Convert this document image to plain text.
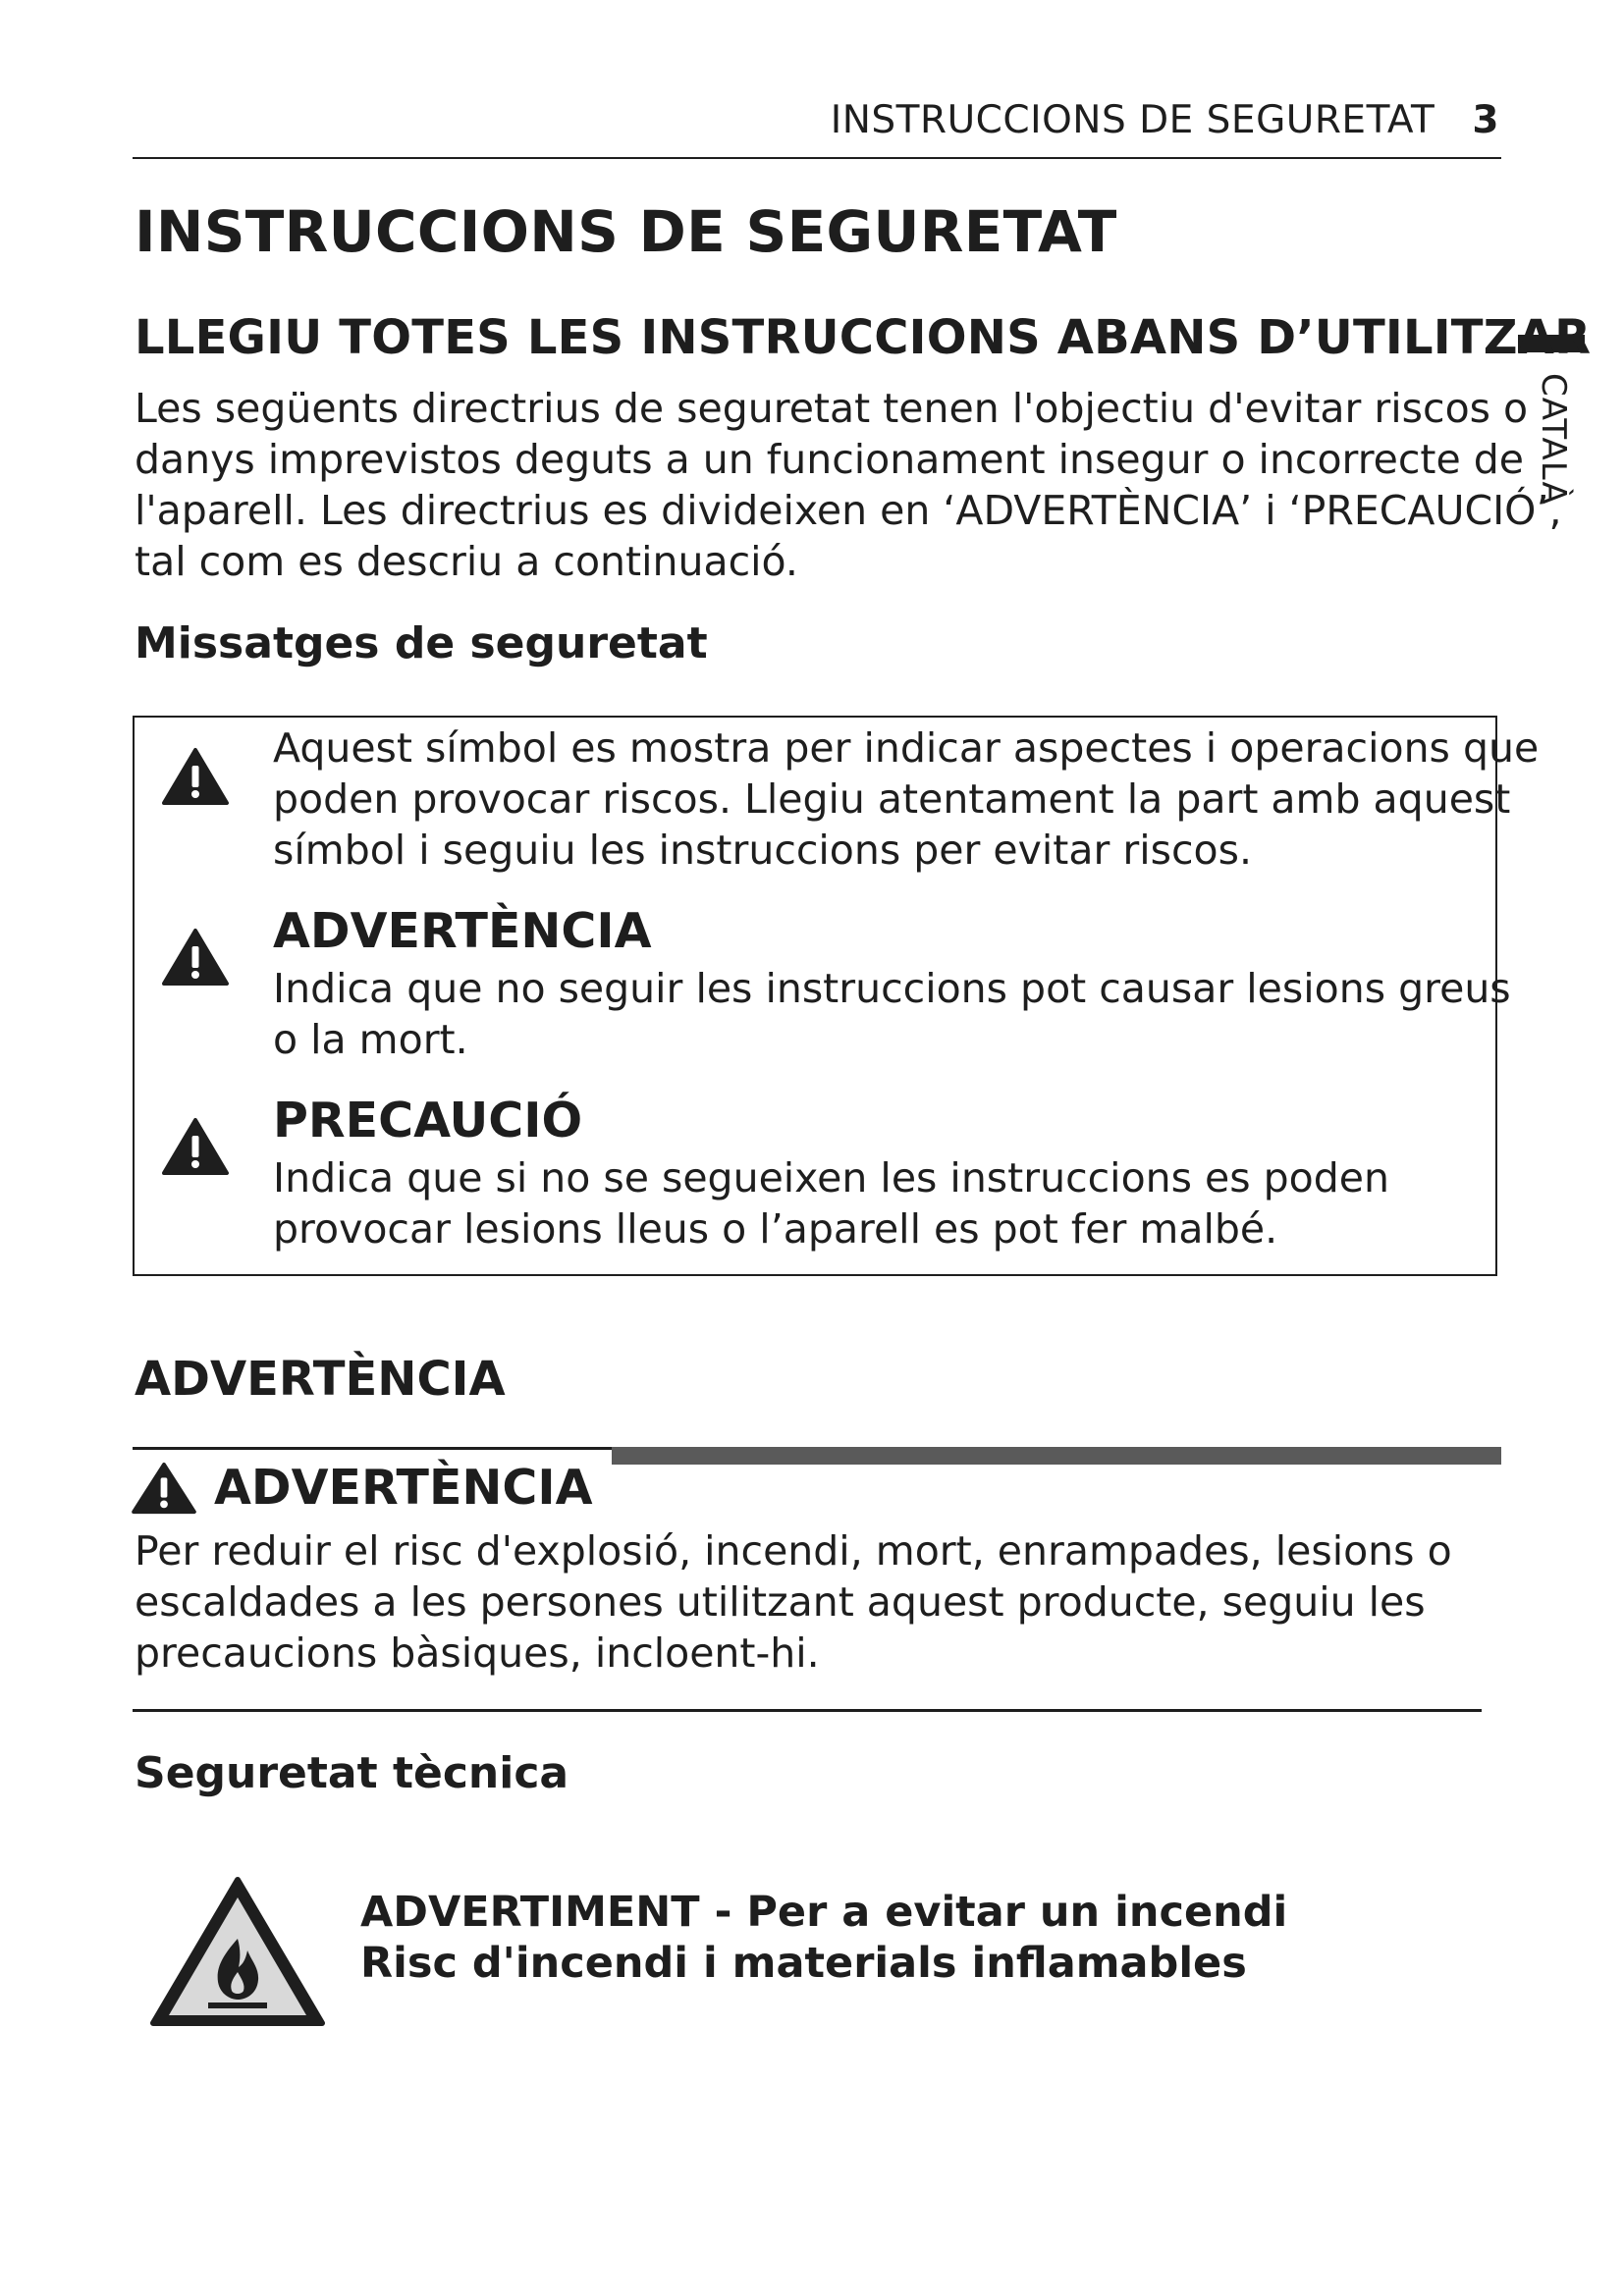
INSTRUCCIONS DE SEGURETAT 3
CATALÀ
INSTRUCCIONS DE SEGURETAT
LLEGIU TOTES LES INSTRUCCIONS ABANS D’UTILITZAR
Les següents directrius de seguretat tenen l'objectiu d'evitar riscos o
danys imprevistos deguts a un funcionament insegur o incorrecte de
l'aparell. Les directrius es divideixen en ‘ADVERTÈNCIA’ i ‘PRECAUCIÓ’,
tal com es descriu a continuació.
Missatges de seguretat
Aquest símbol es mostra per indicar aspectes i operacions que
poden provocar riscos. Llegiu atentament la part amb aquest
símbol i seguiu les instruccions per evitar riscos.
ADVERTÈNCIA
Indica que no seguir les instruccions pot causar lesions greus
o la mort.
PRECAUCIÓ
Indica que si no se segueixen les instruccions es poden
provocar lesions lleus o l’aparell es pot fer malbé.
ADVERTÈNCIA
ADVERTÈNCIA
Per reduir el risc d'explosió, incendi, mort, enrampades, lesions o
escaldades a les persones utilitzant aquest producte, seguiu les
precaucions bàsiques, incloent-hi.
Seguretat tècnica
ADVERTIMENT - Per a evitar un incendi
Risc d'incendi i materials inflamables
